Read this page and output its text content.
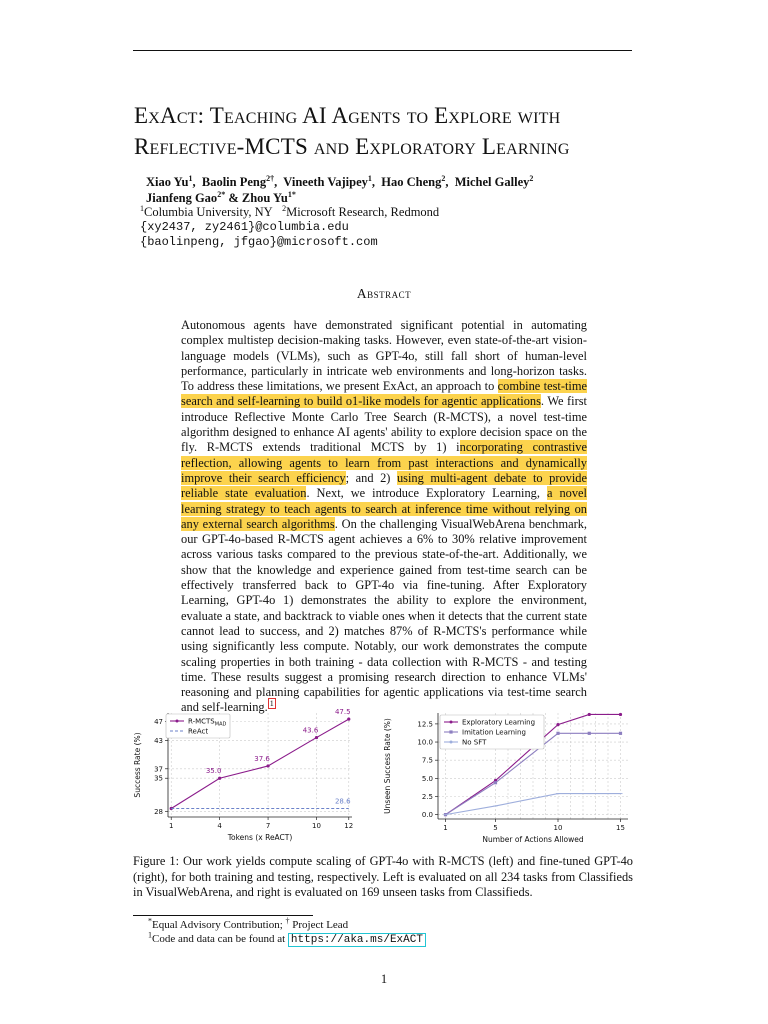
ExAct: Teaching AI Agents to Explore with
Reflective-MCTS and Exploratory Learning
Xiao Yu$^1$,  Baolin Peng$^{2\dagger}$,  Vineeth Vajipey$^1$,  Hao Cheng$^2$,  Michel Galley$^2$
Jianfeng Gao$^{2*}$ & Zhou $Yu^{1*}$
$^1$Columbia University, NY $^2$Microsoft Research, Redmond
{xy2437, zy2461}@columbia.edu
{baolinpeng, jfgao}@microsoft.com
Abstract
Autonomous agents have demonstrated significant potential in automating complex multistep decision-making tasks. However, even state-of-the-art vision-language models (VLMs), such as GPT-4o, still fall short of human-level performance, particularly in intricate web environments and long-horizon tasks. To address these limitations, we present ExAct, an approach to combine test-time search and self-learning to build o1-like models for agentic applications. We first introduce Reflective Monte Carlo Tree Search (R-MCTS), a novel test-time algorithm designed to enhance AI agents' ability to explore decision space on the fly. R-MCTS extends traditional MCTS by 1) incorporating contrastive reflection, allowing agents to learn from past interactions and dynamically improve their search efficiency; and 2) using multi-agent debate to provide reliable state evaluation. Next, we introduce Exploratory Learning, a novel learning strategy to teach agents to search at inference time without relying on any external search algorithms. On the challenging VisualWebArena benchmark, our GPT-4o-based R-MCTS agent achieves a 6% to 30% relative improvement across various tasks compared to the previous state-of-the-art. Additionally, we show that the knowledge and experience gained from test-time search can be effectively transferred back to GPT-4o via fine-tuning. After Exploratory Learning, GPT-4o 1) demonstrates the ability to explore the environment, evaluate a state, and backtrack to viable ones when it detects that the current state cannot lead to success, and 2) matches 87% of R-MCTS's performance while using significantly less compute. Notably, our work demonstrates the compute scaling properties in both training - data collection with R-MCTS - and testing time. These results suggest a promising research direction to enhance VLMs' reasoning and planning capabilities for agentic applications via test-time search and self-learning. $^1$
1	4	7	10	12
28
35
37
43
47
Tokens (x ReACT)
Success Rate (%)	35.0
37.6
43.6
47.5
28.6
$R-MCTS_{MAD}$
ReAct
1	5	10	15
0.0
2.5
5.0
7.5
10.0
12.5
Number of Actions Allowed
Unseen Success Rate (%)	Exploratory Learning
Imitation Learning
No SFT
Figure 1: Our work yields compute scaling of GPT-4o with R-MCTS (left) and fine-tuned GPT-4o (right), for both training and testing, respectively. Left is evaluated on all 234 tasks from Classifieds in VisualWebArena, and right is evaluated on 169 unseen tasks from Classifieds.
*Equal Advisory Contribution; † Project Lead
$^1$Code and data can be found at https://aka.ms/ExACT
1
